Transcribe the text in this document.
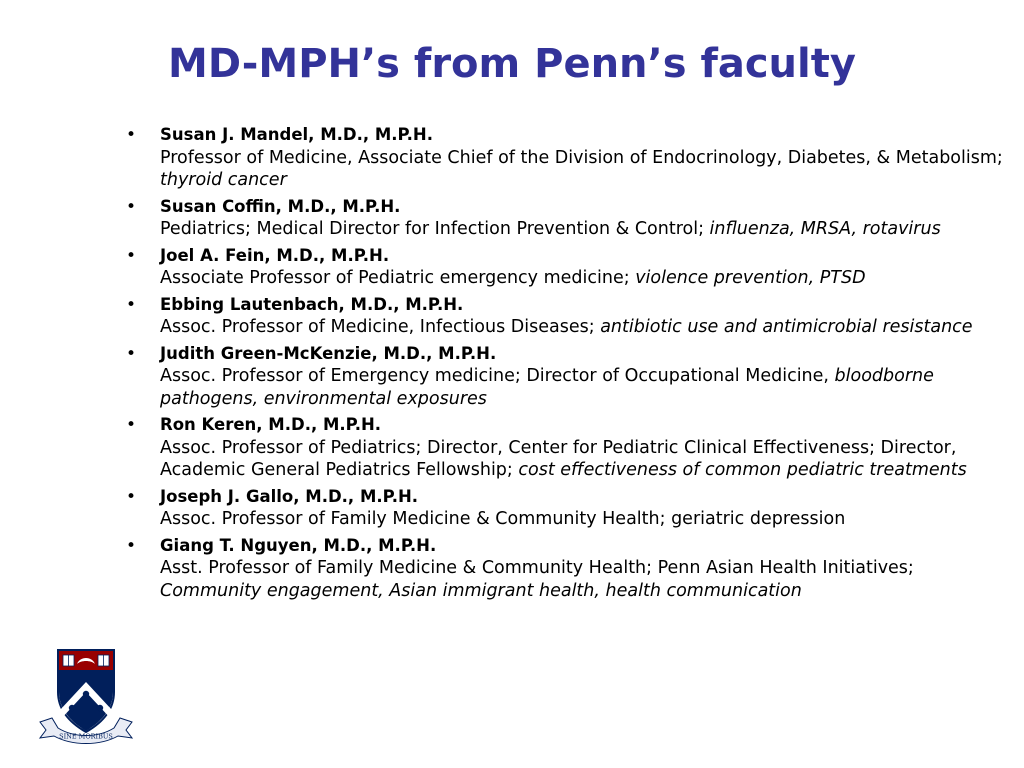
MD-MPH’s from Penn’s faculty
• Susan J. Mandel, M.D., M.P.H.
Professor of Medicine, Associate Chief of the Division of Endocrinology, Diabetes, & Metabolism; thyroid cancer
• Susan Coffin, M.D., M.P.H.
Pediatrics; Medical Director for Infection Prevention & Control; influenza, MRSA, rotavirus
• Joel A. Fein, M.D., M.P.H.
Associate Professor of Pediatric emergency medicine; violence prevention, PTSD
• Ebbing Lautenbach, M.D., M.P.H.
Assoc. Professor of Medicine, Infectious Diseases; antibiotic use and antimicrobial resistance
• Judith Green-McKenzie, M.D., M.P.H.
Assoc. Professor of Emergency medicine; Director of Occupational Medicine, bloodborne pathogens, environmental exposures
• Ron Keren, M.D., M.P.H.
Assoc. Professor of Pediatrics; Director, Center for Pediatric Clinical Effectiveness; Director, Academic General Pediatrics Fellowship; cost effectiveness of common pediatric treatments
• Joseph J. Gallo, M.D., M.P.H.
Assoc. Professor of Family Medicine & Community Health; geriatric depression
• Giang T. Nguyen, M.D., M.P.H.
Asst. Professor of Family Medicine & Community Health; Penn Asian Health Initiatives; Community engagement, Asian immigrant health, health communication
SINE MORIBUS
